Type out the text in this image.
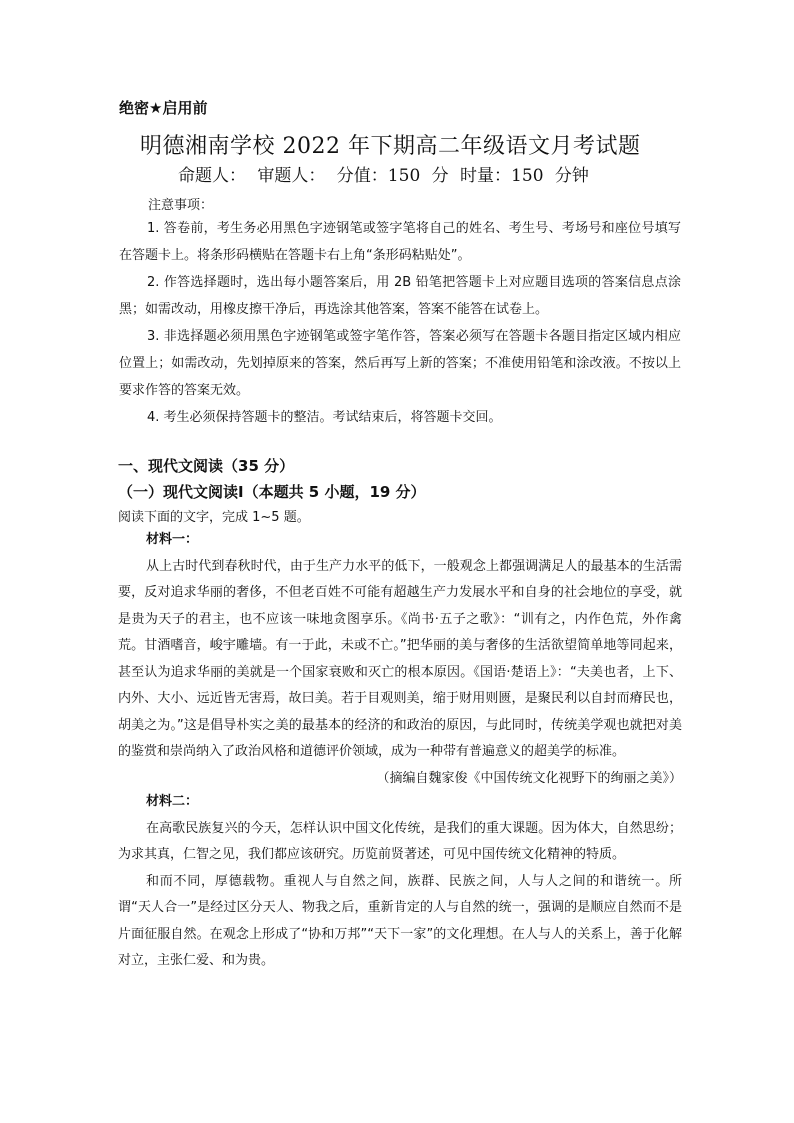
绝密★启用前
明德湘南学校 2022 年下期高二年级语文月考试题
命题人： 审题人： 分值：150 分 时量：150 分钟
注意事项：

1. 答卷前，考生务必用黑色字迹钢笔或签字笔将自己的姓名、考生号、考场号和座位号填写在答题卡上。将条形码横贴在答题卡右上角“条形码粘贴处”。

2. 作答选择题时，选出每小题答案后，用 2B 铅笔把答题卡上对应题目选项的答案信息点涂黑；如需改动，用橡皮擦干净后，再选涂其他答案，答案不能答在试卷上。

3. 非选择题必须用黑色字迹钢笔或签字笔作答，答案必须写在答题卡各题目指定区域内相应位置上；如需改动，先划掉原来的答案，然后再写上新的答案；不准使用铅笔和涂改液。不按以上要求作答的答案无效。

4. 考生必须保持答题卡的整洁。考试结束后，将答题卡交回。

一、现代文阅读（35 分）
（一）现代文阅读Ⅰ（本题共 5 小题，19 分）
阅读下面的文字，完成 1~5 题。
材料一：

从上古时代到春秋时代，由于生产力水平的低下，一般观念上都强调满足人的最基本的生活需要，反对追求华丽的奢侈，不但老百姓不可能有超越生产力发展水平和自身的社会地位的享受，就是贵为天子的君主，也不应该一味地贪图享乐。《尚书·五子之歌》：“训有之，内作色荒，外作禽荒。甘酒嗜音，峻宇雕墙。有一于此，未或不亡。”把华丽的美与奢侈的生活欲望简单地等同起来，甚至认为追求华丽的美就是一个国家衰败和灭亡的根本原因。《国语·楚语上》：“夫美也者，上下、内外、大小、远近皆无害焉，故曰美。若于目观则美，缩于财用则匮，是聚民利以自封而瘠民也，胡美之为。”这是倡导朴实之美的最基本的经济的和政治的原因，与此同时，传统美学观也就把对美的鉴赏和崇尚纳入了政治风格和道德评价领域，成为一种带有普遍意义的超美学的标准。

（摘编自魏家俊《中国传统文化视野下的绚丽之美》）
材料二：

在高歌民族复兴的今天，怎样认识中国文化传统，是我们的重大课题。因为体大，自然思纷；为求其真，仁智之见，我们都应该研究。历览前贤著述，可见中国传统文化精神的特质。

和而不同，厚德载物。重视人与自然之间，族群、民族之间，人与人之间的和谐统一。所谓“天人合一”是经过区分天人、物我之后，重新肯定的人与自然的统一，强调的是顺应自然而不是片面征服自然。在观念上形成了“协和万邦”“天下一家”的文化理想。在人与人的关系上，善于化解对立，主张仁爱、和为贵。
